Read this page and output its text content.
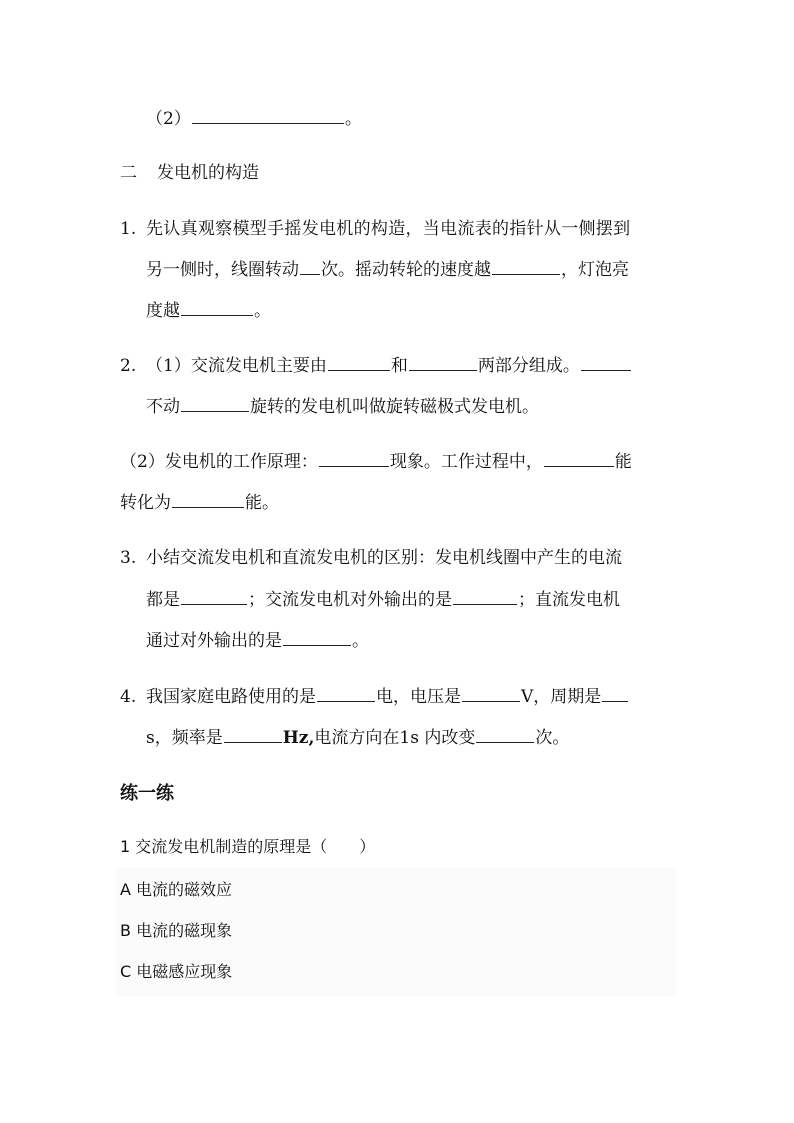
（2）	。
二 发电机的构造
1. 先认真观察模型手摇发电机的构造，当电流表的指针从一侧摆到
另一侧时，线圈转动 次。摇动转轮的速度越	，灯泡亮
度越	。
2. （1）交流发电机主要由	和	两部分组成。
不动	旋转的发电机叫做旋转磁极式发电机。
（2）发电机的工作原理：	现象。工作过程中，	能
转化为	能。
3. 小结交流发电机和直流发电机的区别：发电机线圈中产生的电流
都是	；交流发电机对外输出的是	；直流发电机
通过对外输出的是	。
4. 我国家庭电路使用的是	电，电压是	V，周期是
s，频率是	Hz,电流方向在1s 内改变	次。
练一练
1 交流发电机制造的原理是（　　）
A 电流的磁效应
B 电流的磁现象
C 电磁感应现象
